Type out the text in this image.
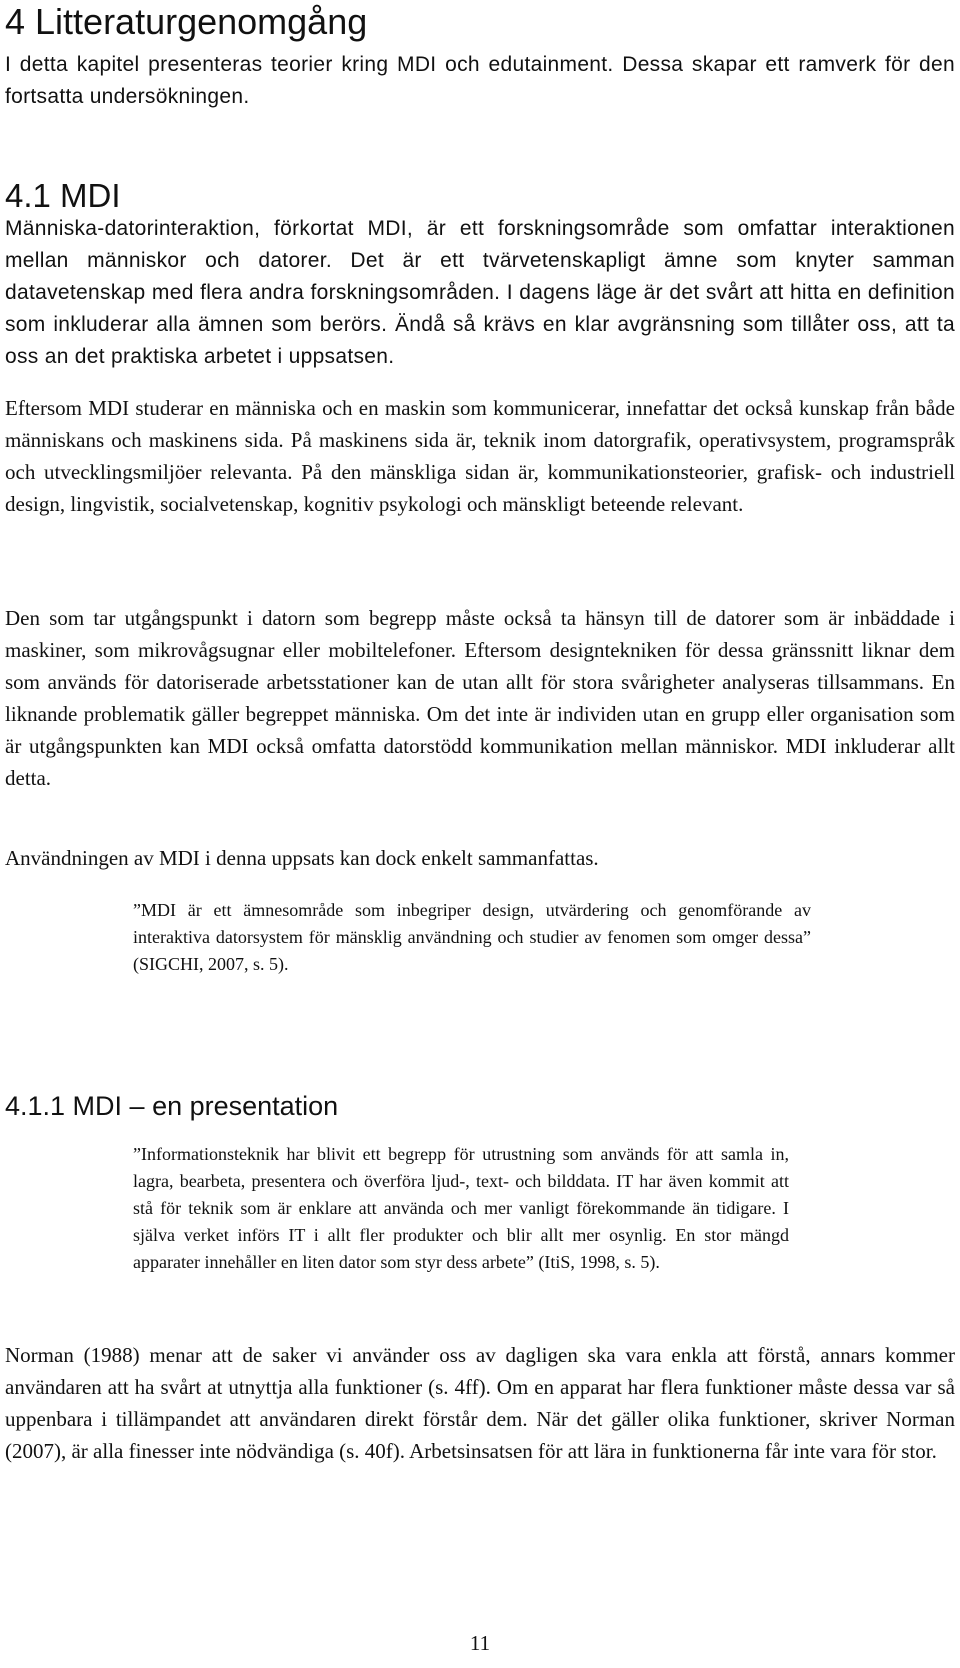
4 Litteraturgenomgång

I detta kapitel presenteras teorier kring MDI och edutainment. Dessa skapar ett ramverk för den fortsatta undersökningen.

4.1 MDI

Människa-datorinteraktion, förkortat MDI, är ett forskningsområde som omfattar interaktionen mellan människor och datorer. Det är ett tvärvetenskapligt ämne som knyter samman datavetenskap med flera andra forskningsområden. I dagens läge är det svårt att hitta en definition som inkluderar alla ämnen som berörs. Ändå så krävs en klar avgränsning som tillåter oss, att ta oss an det praktiska arbetet i uppsatsen.

Eftersom MDI studerar en människa och en maskin som kommunicerar, innefattar det också kunskap från både människans och maskinens sida. På maskinens sida är, teknik inom datorgrafik, operativsystem, programspråk och utvecklingsmiljöer relevanta. På den mänskliga sidan är, kommunikationsteorier, grafisk- och industriell design, lingvistik, socialvetenskap, kognitiv psykologi och mänskligt beteende relevant.

Den som tar utgångspunkt i datorn som begrepp måste också ta hänsyn till de datorer som är inbäddade i maskiner, som mikrovågsugnar eller mobiltelefoner. Eftersom designtekniken för dessa gränssnitt liknar dem som används för datoriserade arbetsstationer kan de utan allt för stora svårigheter analyseras tillsammans. En liknande problematik gäller begreppet människa. Om det inte är individen utan en grupp eller organisation som är utgångspunkten kan MDI också omfatta datorstödd kommunikation mellan människor. MDI inkluderar allt detta.

Användningen av MDI i denna uppsats kan dock enkelt sammanfattas.

”MDI är ett ämnesområde som inbegriper design, utvärdering och genomförande av interaktiva datorsystem för mänsklig användning och studier av fenomen som omger dessa” (SIGCHI, 2007, s. 5).

4.1.1 MDI – en presentation

”Informationsteknik har blivit ett begrepp för utrustning som används för att samla in, lagra, bearbeta, presentera och överföra ljud-, text- och bilddata. IT har även kommit att stå för teknik som är enklare att använda och mer vanligt förekommande än tidigare. I själva verket införs IT i allt fler produkter och blir allt mer osynlig. En stor mängd apparater innehåller en liten dator som styr dess arbete” (ItiS, 1998, s. 5).

Norman (1988) menar att de saker vi använder oss av dagligen ska vara enkla att förstå, annars kommer användaren att ha svårt at utnyttja alla funktioner (s. 4ff). Om en apparat har flera funktioner måste dessa var så uppenbara i tillämpandet att användaren direkt förstår dem. När det gäller olika funktioner, skriver Norman (2007), är alla finesser inte nödvändiga (s. 40f). Arbetsinsatsen för att lära in funktionerna får inte vara för stor.

11
